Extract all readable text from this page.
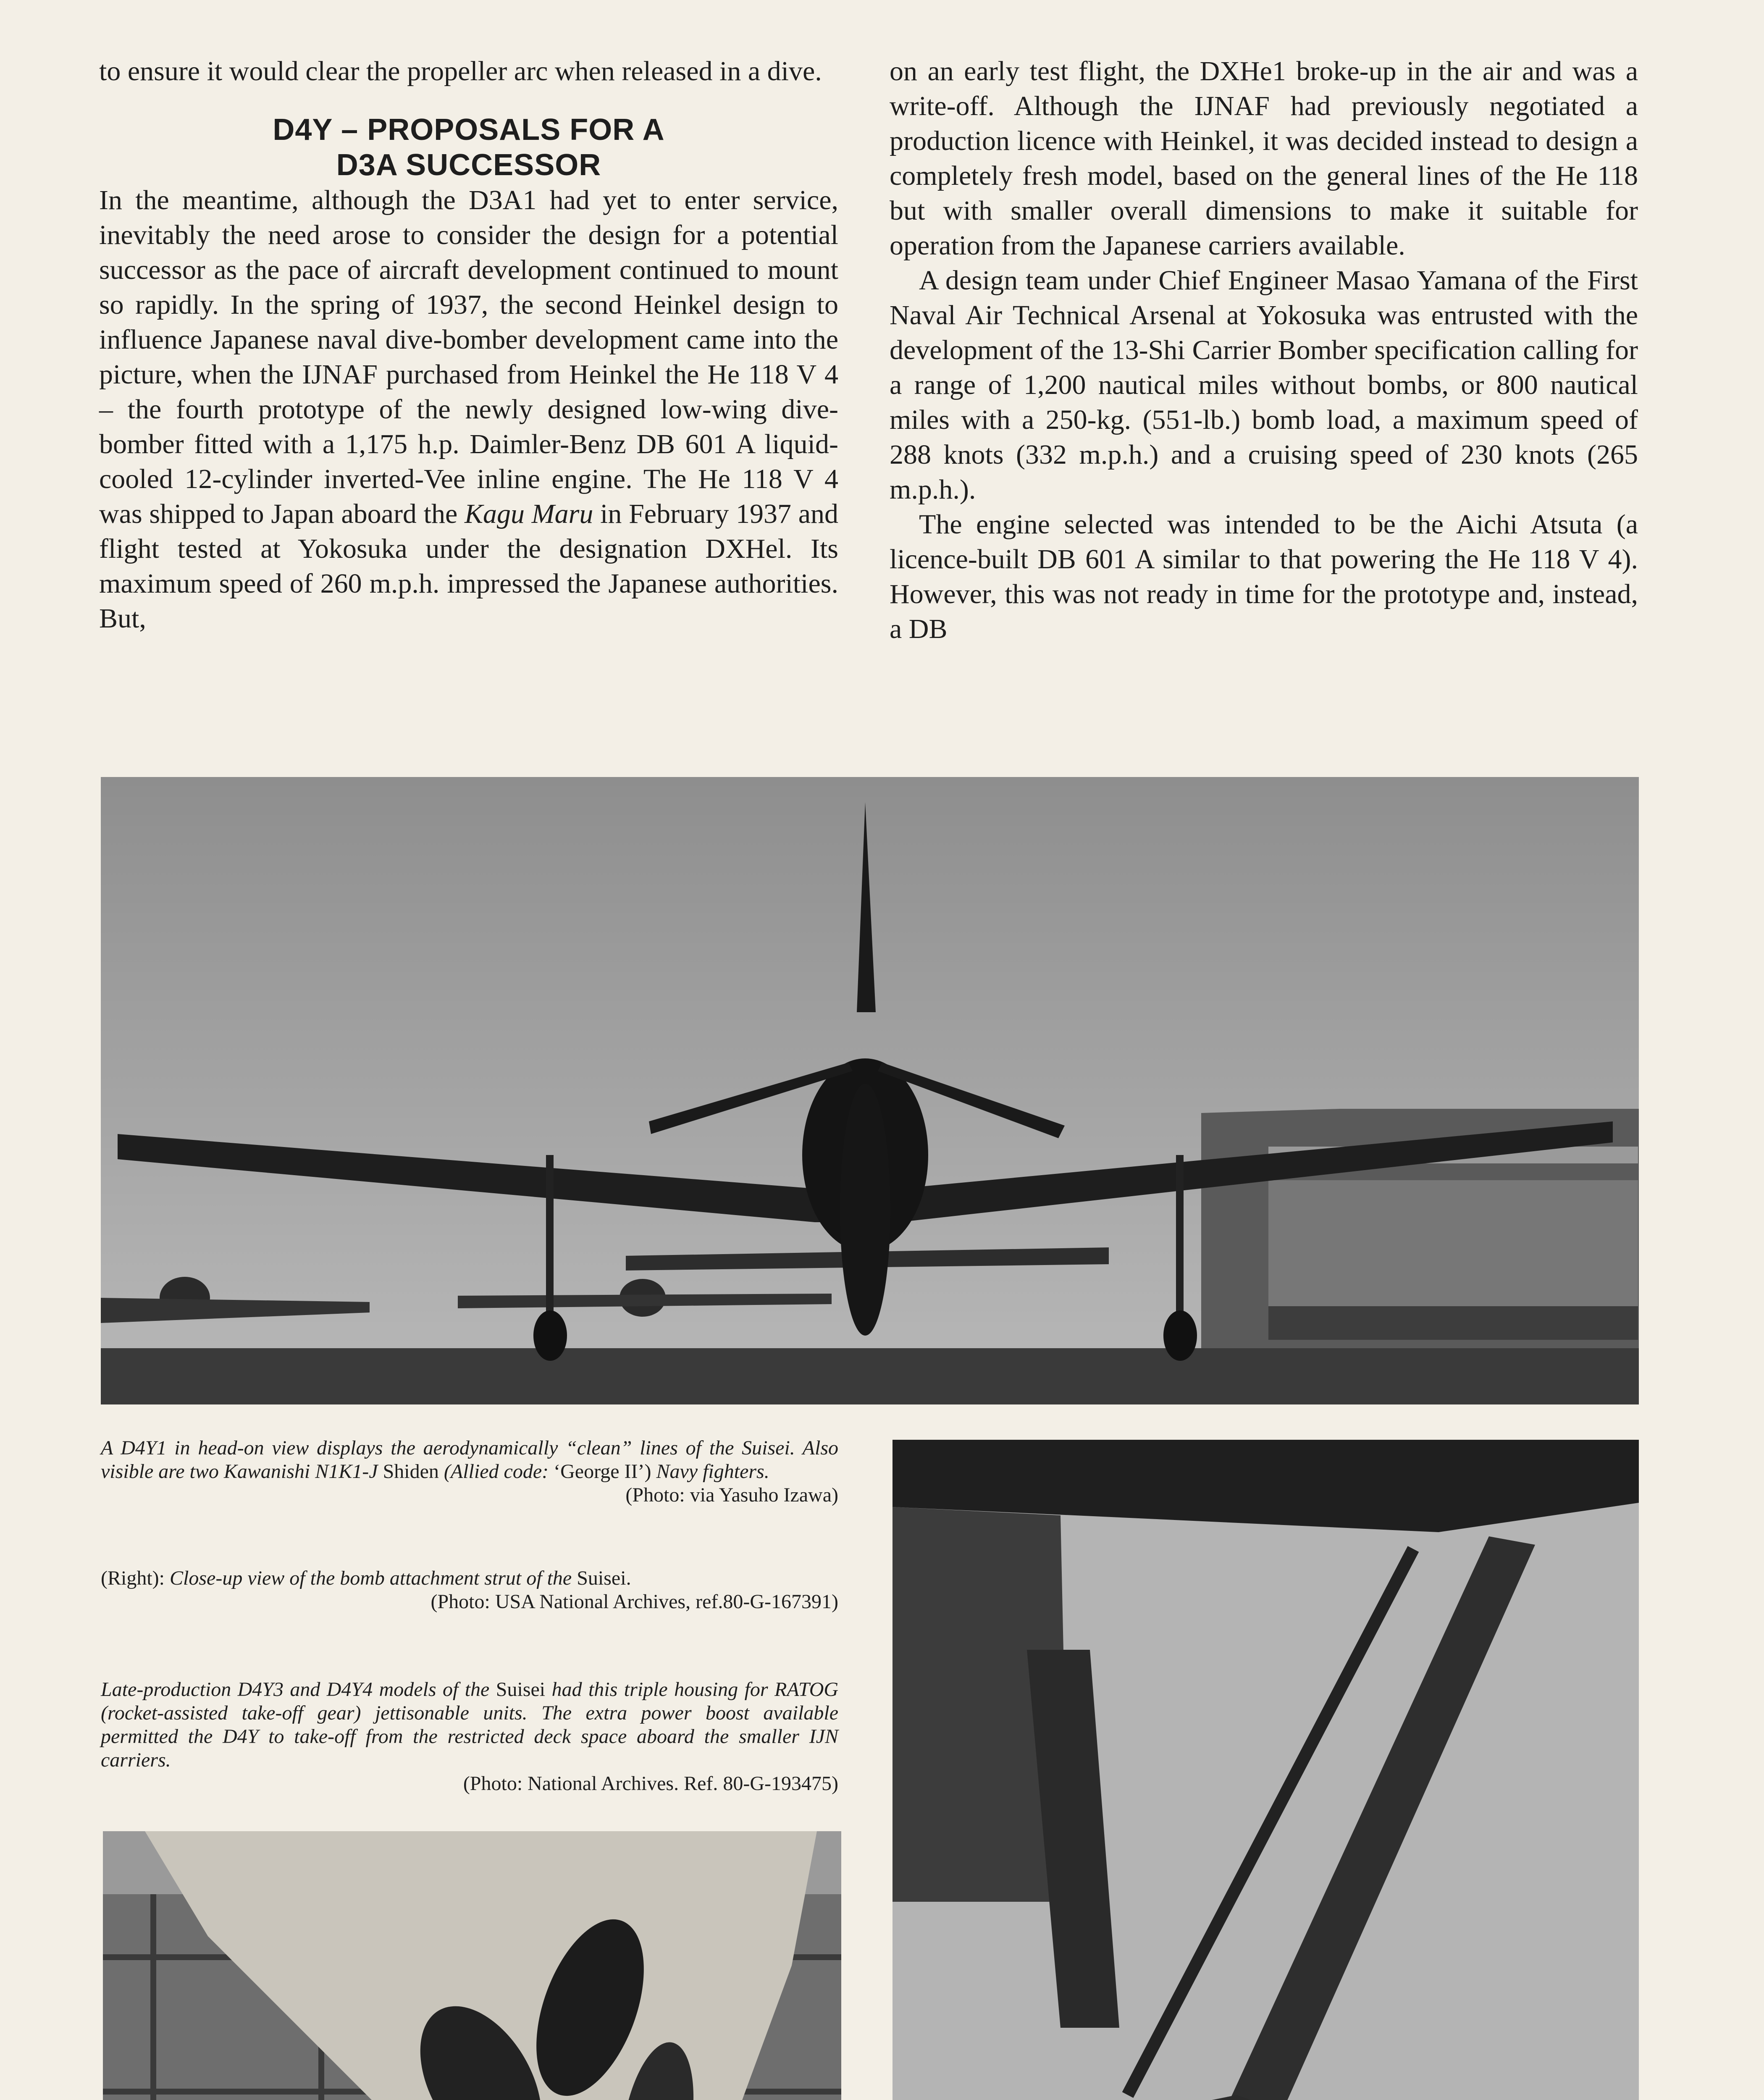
to ensure it would clear the propeller arc when released in a dive.

D4Y – PROPOSALS FOR A
D3A SUCCESSOR

In the meantime, although the D3A1 had yet to enter service, inevitably the need arose to consider the design for a potential successor as the pace of aircraft development continued to mount so rapidly. In the spring of 1937, the second Heinkel design to influence Japanese naval dive-bomber development came into the picture, when the IJNAF purchased from Heinkel the He 118 V 4 – the fourth prototype of the newly designed low-wing dive-bomber fitted with a 1,175 h.p. Daimler-Benz DB 601 A liquid-cooled 12-cylinder inverted-Vee inline engine. The He 118 V 4 was shipped to Japan aboard the Kagu Maru in February 1937 and flight tested at Yokosuka under the designation DXHel. Its maximum speed of 260 m.p.h. impressed the Japanese authorities. But,

on an early test flight, the DXHe1 broke-up in the air and was a write-off. Although the IJNAF had previously negotiated a production licence with Heinkel, it was decided instead to design a completely fresh model, based on the general lines of the He 118 but with smaller overall dimensions to make it suitable for operation from the Japanese carriers available.

A design team under Chief Engineer Masao Yamana of the First Naval Air Technical Arsenal at Yokosuka was entrusted with the development of the 13-Shi Carrier Bomber specification calling for a range of 1,200 nautical miles without bombs, or 800 nautical miles with a 250-kg. (551-lb.) bomb load, a maximum speed of 288 knots (332 m.p.h.) and a cruising speed of 230 knots (265 m.p.h.).

The engine selected was intended to be the Aichi Atsuta (a licence-built DB 601 A similar to that powering the He 118 V 4). However, this was not ready in time for the prototype and, instead, a DB

A D4Y1 in head-on view displays the aerodynamically “clean” lines of the Suisei. Also visible are two Kawanishi N1K1-J Shiden (Allied code: ‘George II’) Navy fighters.
(Photo: via Yasuho Izawa)
(Right): Close-up view of the bomb attachment strut of the Suisei.
(Photo: USA National Archives, ref.80-G-167391)
Late-production D4Y3 and D4Y4 models of the Suisei had this triple housing for RATOG (rocket-assisted take-off gear) jettisonable units. The extra power boost available permitted the D4Y to take-off from the restricted deck space aboard the smaller IJN carriers.
(Photo: National Archives. Ref. 80-G-193475)
